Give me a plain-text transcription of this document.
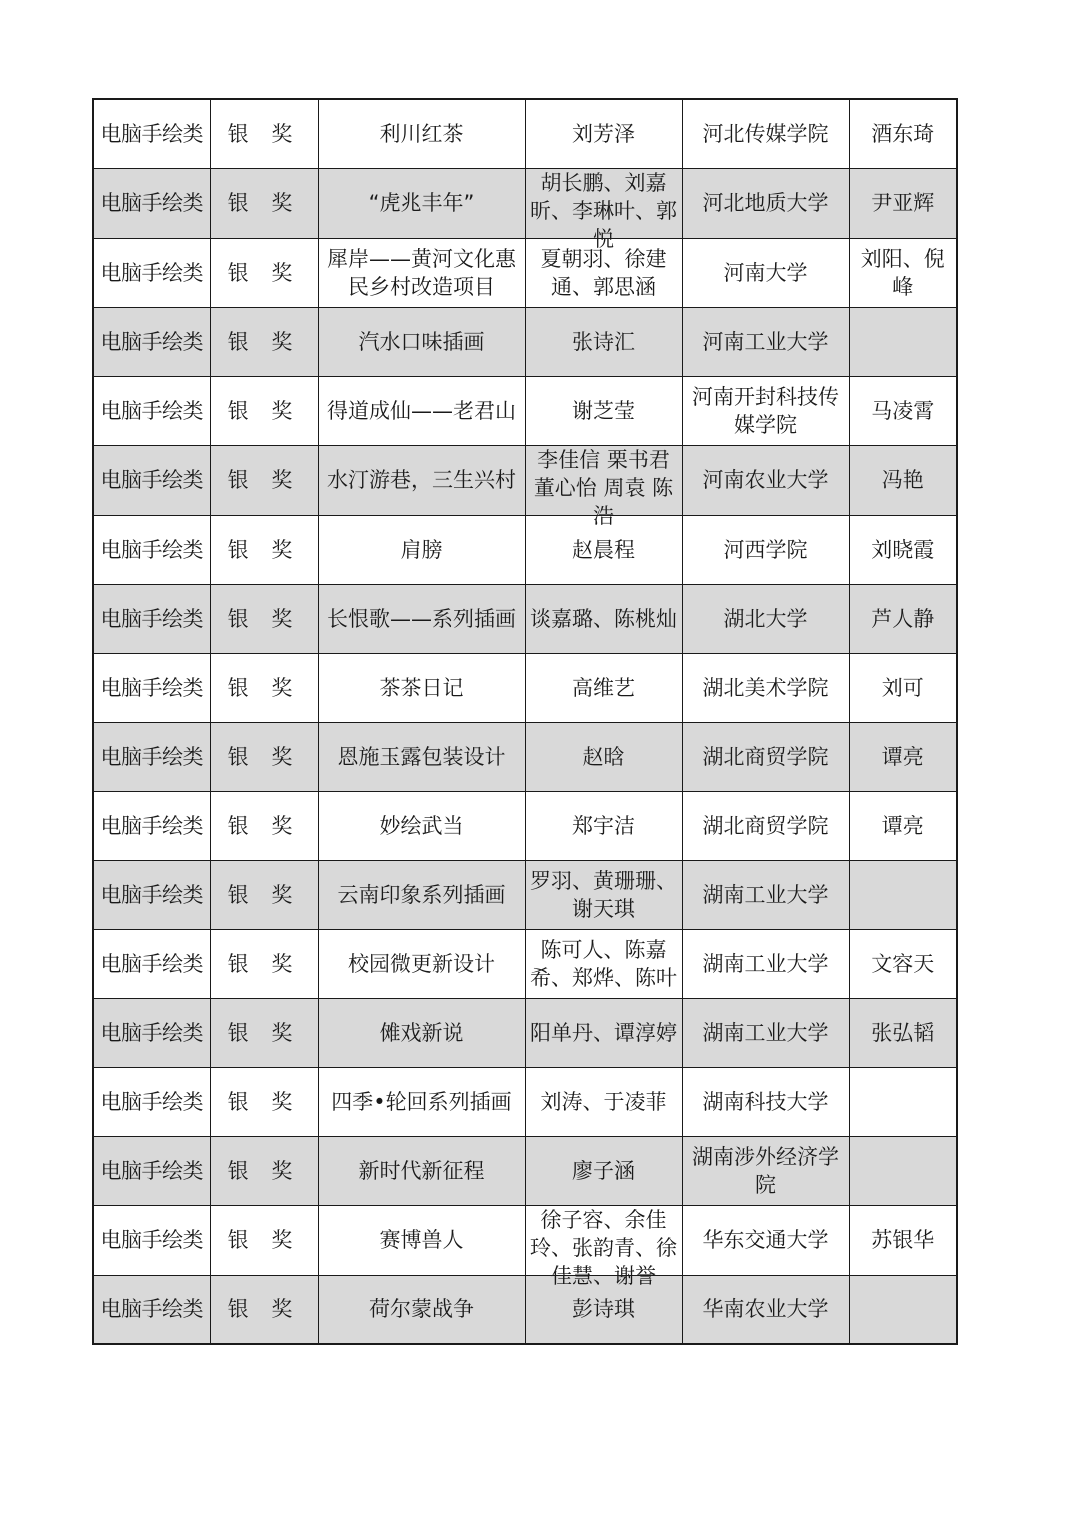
电脑手绘类	银 奖	利川红茶	刘芳泽	河北传媒学院	酒东琦

电脑手绘类	银 奖	“虎兆丰年”	胡长鹏、刘嘉昕、李琳叶、郭悦	河北地质大学	尹亚辉

电脑手绘类	银 奖	犀岸——黄河文化惠民乡村改造项目	夏朝羽、徐建通、郭思涵	河南大学	刘阳、倪峰

电脑手绘类	银 奖	汽水口味插画	张诗汇	河南工业大学	

电脑手绘类	银 奖	得道成仙——老君山	谢芝莹	河南开封科技传媒学院	马凌霄

电脑手绘类	银 奖	水汀游巷，三生兴村	李佳信 栗书君 董心怡 周袁 陈浩	河南农业大学	冯艳

电脑手绘类	银 奖	肩膀	赵晨程	河西学院	刘晓霞

电脑手绘类	银 奖	长恨歌——系列插画	谈嘉璐、陈桃灿	湖北大学	芦人静

电脑手绘类	银 奖	茶茶日记	高维艺	湖北美术学院	刘可

电脑手绘类	银 奖	恩施玉露包装设计	赵晗	湖北商贸学院	谭亮

电脑手绘类	银 奖	妙绘武当	郑宇洁	湖北商贸学院	谭亮

电脑手绘类	银 奖	云南印象系列插画	罗羽、黄珊珊、谢天琪	湖南工业大学	

电脑手绘类	银 奖	校园微更新设计	陈可人、陈嘉希、郑烨、陈叶	湖南工业大学	文容天

电脑手绘类	银 奖	傩戏新说	阳单丹、谭淳婷	湖南工业大学	张弘韬

电脑手绘类	银 奖	四季•轮回系列插画	刘涛、于凌菲	湖南科技大学	

电脑手绘类	银 奖	新时代新征程	廖子涵	湖南涉外经济学院	

电脑手绘类	银 奖	赛博兽人	徐子容、余佳玲、张韵青、徐佳慧、谢誉	华东交通大学	苏银华

电脑手绘类	银 奖	荷尔蒙战争	彭诗琪	华南农业大学	
